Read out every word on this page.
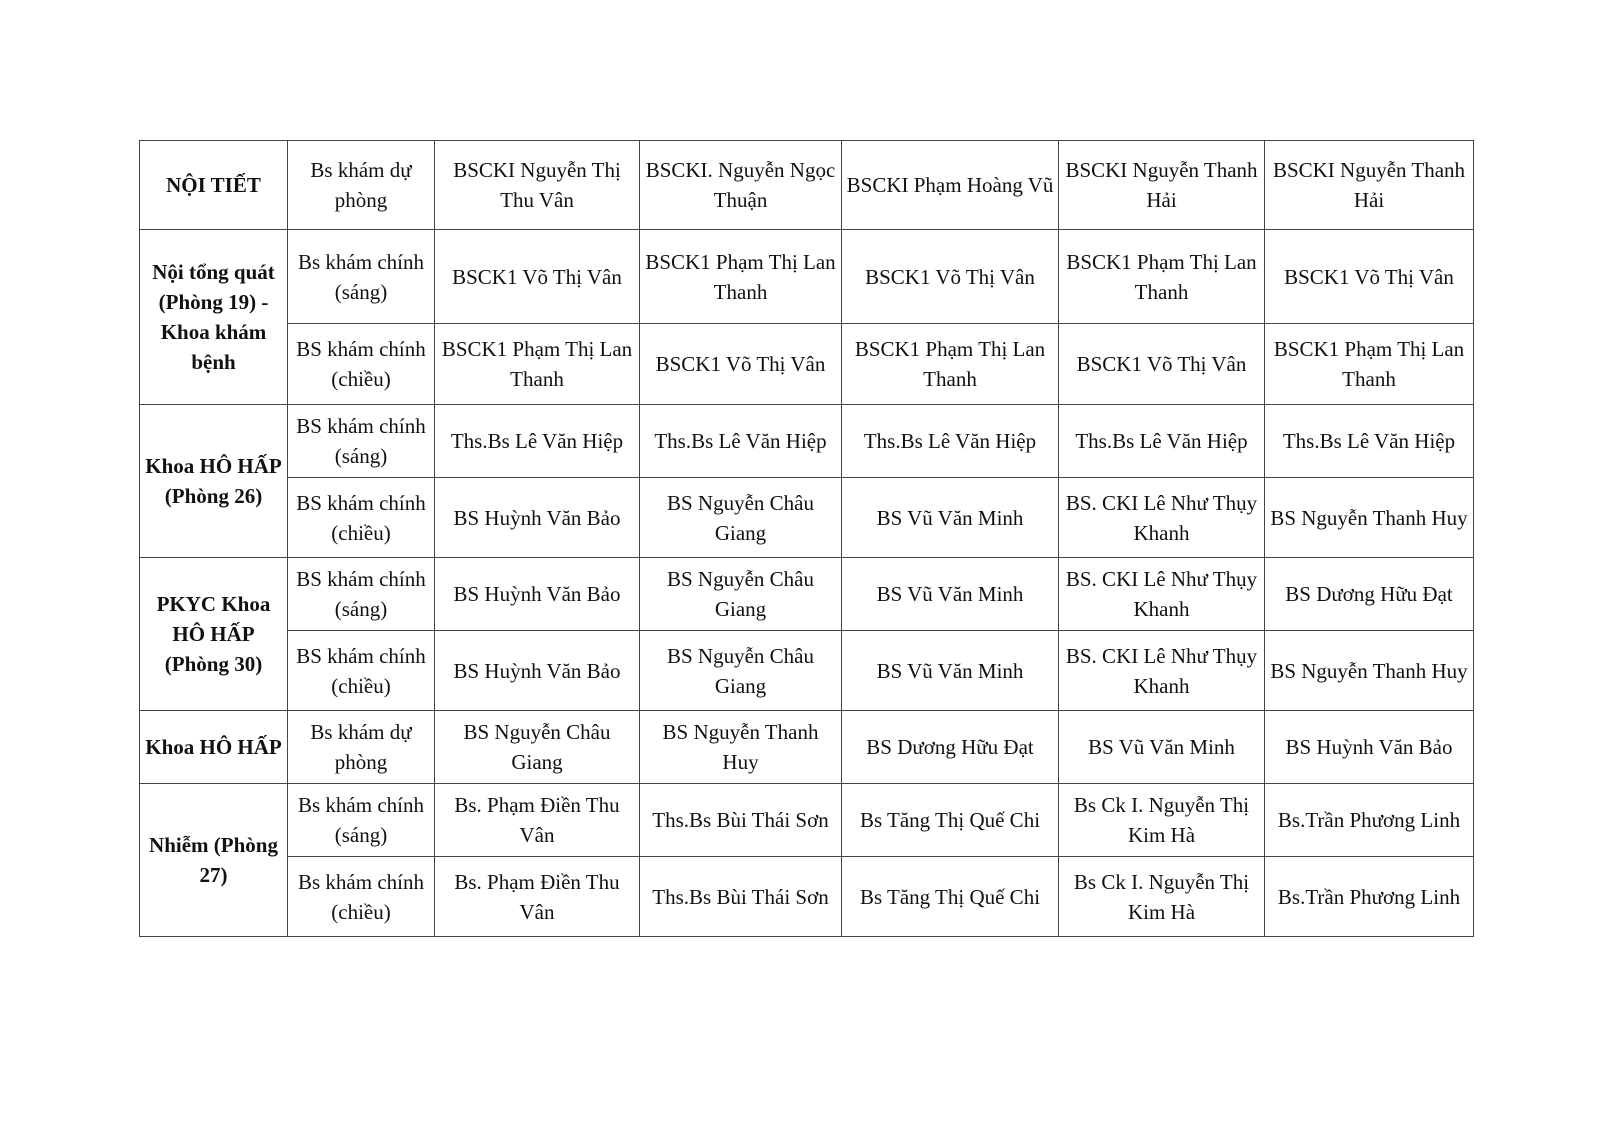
NỘI TIẾT	Bs khám dự phòng	BSCKI Nguyễn Thị Thu Vân	BSCKI. Nguyễn Ngọc Thuận	BSCKI Phạm Hoàng Vũ	BSCKI Nguyễn Thanh Hải	BSCKI Nguyễn Thanh Hải
Nội tổng quát (Phòng 19) - Khoa khám bệnh	Bs khám chính (sáng)	BSCK1 Võ Thị Vân	BSCK1 Phạm Thị Lan Thanh	BSCK1 Võ Thị Vân	BSCK1 Phạm Thị Lan Thanh	BSCK1 Võ Thị Vân
	BS khám chính (chiều)	BSCK1 Phạm Thị Lan Thanh	BSCK1 Võ Thị Vân	BSCK1 Phạm Thị Lan Thanh	BSCK1 Võ Thị Vân	BSCK1 Phạm Thị Lan Thanh
Khoa HÔ HẤP (Phòng 26)	BS khám chính (sáng)	Ths.Bs Lê Văn Hiệp	Ths.Bs Lê Văn Hiệp	Ths.Bs Lê Văn Hiệp	Ths.Bs Lê Văn Hiệp	Ths.Bs Lê Văn Hiệp
	BS khám chính (chiều)	BS Huỳnh Văn Bảo	BS Nguyễn Châu Giang	BS Vũ Văn Minh	BS. CKI Lê Như Thụy Khanh	BS Nguyễn Thanh Huy
PKYC Khoa HÔ HẤP (Phòng 30)	BS khám chính (sáng)	BS Huỳnh Văn Bảo	BS Nguyễn Châu Giang	BS Vũ Văn Minh	BS. CKI Lê Như Thụy Khanh	BS Dương Hữu Đạt
	BS khám chính (chiều)	BS Huỳnh Văn Bảo	BS Nguyễn Châu Giang	BS Vũ Văn Minh	BS. CKI Lê Như Thụy Khanh	BS Nguyễn Thanh Huy
Khoa HÔ HẤP	Bs khám dự phòng	BS Nguyễn Châu Giang	BS Nguyễn Thanh Huy	BS Dương Hữu Đạt	BS Vũ Văn Minh	BS Huỳnh Văn Bảo
Nhiễm (Phòng 27)	Bs khám chính (sáng)	Bs. Phạm Điền Thu Vân	Ths.Bs Bùi Thái Sơn	Bs Tăng Thị Quế Chi	Bs Ck I. Nguyễn Thị Kim Hà	Bs.Trần Phương Linh
	Bs khám chính (chiều)	Bs. Phạm Điền Thu Vân	Ths.Bs Bùi Thái Sơn	Bs Tăng Thị Quế Chi	Bs Ck I. Nguyễn Thị Kim Hà	Bs.Trần Phương Linh
